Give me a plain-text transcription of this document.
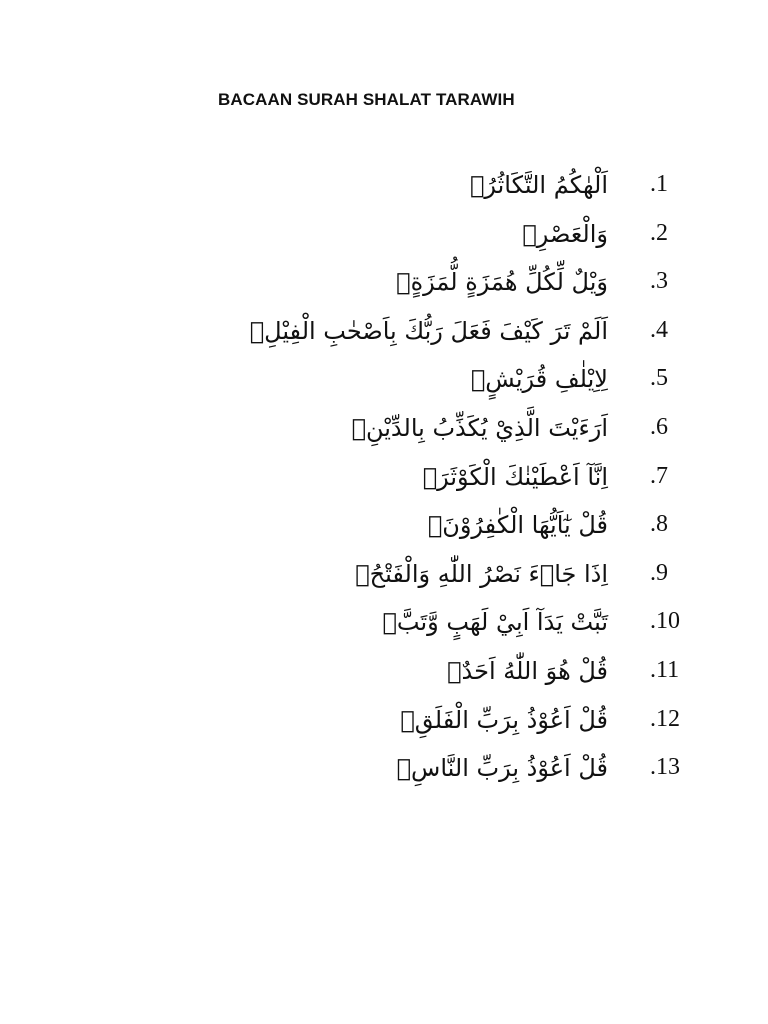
BACAAN SURAH SHALAT TARAWIH
.1
اَلْهٰكُمُ التَّكَاثُرُۙ
.2
وَالْعَصْرِۙ
.3
وَيْلٌ لِّكُلِّ هُمَزَةٍ لُّمَزَةٍۙ
.4
اَلَمْ تَرَ كَيْفَ فَعَلَ رَبُّكَ بِاَصْحٰبِ الْفِيْلِۗ
.5
لِاِيْلٰفِ قُرَيْشٍۙ
.6
اَرَءَيْتَ الَّذِيْ يُكَذِّبُ بِالدِّيْنِۗ
.7
اِنَّآ اَعْطَيْنٰكَ الْكَوْثَرَۗ
.8
قُلْ يٰٓاَيُّهَا الْكٰفِرُوْنَۙ
.9
اِذَا جَاۤءَ نَصْرُ اللّٰهِ وَالْفَتْحُۙ
.10
تَبَّتْ يَدَآ اَبِيْ لَهَبٍ وَّتَبَّۗ
.11
قُلْ هُوَ اللّٰهُ اَحَدٌۚ
.12
قُلْ اَعُوْذُ بِرَبِّ الْفَلَقِۙ
.13
قُلْ اَعُوْذُ بِرَبِّ النَّاسِۙ
